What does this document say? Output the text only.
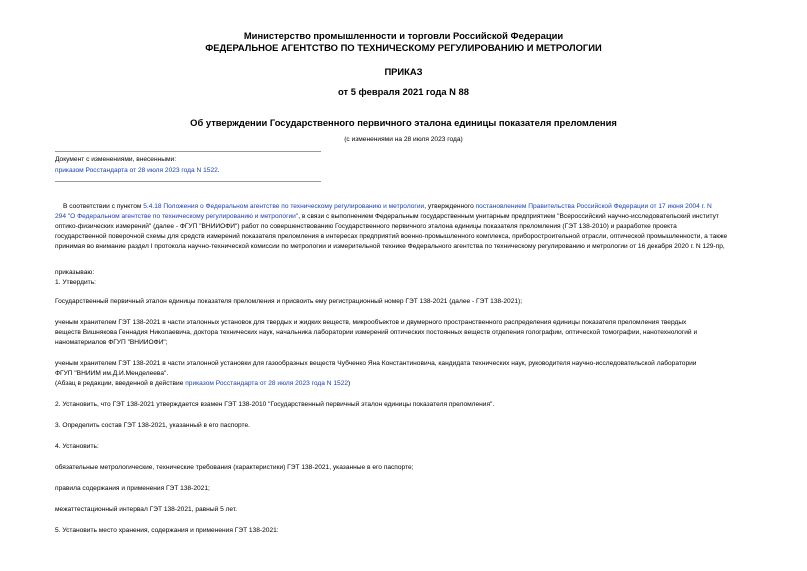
Министерство промышленности и торговли Российской Федерации
ФЕДЕРАЛЬНОЕ АГЕНТСТВО ПО ТЕХНИЧЕСКОМУ РЕГУЛИРОВАНИЮ И МЕТРОЛОГИИ
ПРИКАЗ
от 5 февраля 2021 года N 88
Об утверждении Государственного первичного эталона единицы показателя преломления
(с изменениями на 28 июля 2023 года)
Документ с изменениями, внесенными:
приказом Росстандарта от 28 июля 2023 года N 1522.
В соответствии с пунктом 5.4.18 Положения о Федеральном агентстве по техническому регулированию и метрологии, утвержденного постановлением Правительства Российской Федерации от 17 июня 2004 г. N
294 "О Федеральном агентстве по техническому регулированию и метрологии", в связи с выполнением Федеральным государственным унитарным предприятием "Всероссийский научно-исследовательский институт
оптико-физических измерений" (далее - ФГУП "ВНИИОФИ") работ по совершенствованию Государственного первичного эталона единицы показателя преломления (ГЭТ 138-2010) и разработке проекта
государственной поверочной схемы для средств измерений показателя преломления в интересах предприятий военно-промышленного комплекса, приборостроительной отрасли, оптической промышленности, а также
принимая во внимание раздел I протокола научно-технической комиссии по метрологии и измерительной технике Федерального агентства по техническому регулированию и метрологии от 16 декабря 2020 г. N 129-пр,
приказываю:
1. Утвердить:
Государственный первичный эталон единицы показателя преломления и присвоить ему регистрационный номер ГЭТ 138-2021 (далее - ГЭТ 138-2021);
ученым хранителем ГЭТ 138-2021 в части эталонных установок для твердых и жидких веществ, микрообъектов и двумерного пространственного распределения единицы показателя преломления твердых
веществ Вишнякова Геннадия Николаевича, доктора технических наук, начальника лаборатории измерений оптических постоянных веществ отделения голографии, оптической томографии, нанотехнологий и
наноматериалов ФГУП "ВНИИОФИ";
ученым хранителем ГЭТ 138-2021 в части эталонной установки для газообразных веществ Чубченко Яна Константиновича, кандидата технических наук, руководителя научно-исследовательской лаборатории
ФГУП "ВНИИМ им.Д.И.Менделеева".
(Абзац в редакции, введенной в действие приказом Росстандарта от 28 июля 2023 года N 1522)
2. Установить, что ГЭТ 138-2021 утверждается взамен ГЭТ 138-2010 "Государственный первичный эталон единицы показателя преломления".
3. Определить состав ГЭТ 138-2021, указанный в его паспорте.
4. Установить:
обязательные метрологические, технические требования (характеристики) ГЭТ 138-2021, указанные в его паспорте;
правила содержания и применения ГЭТ 138-2021;
межаттестационный интервал ГЭТ 138-2021, равный 5 лет.
5. Установить место хранения, содержания и применения ГЭТ 138-2021:
